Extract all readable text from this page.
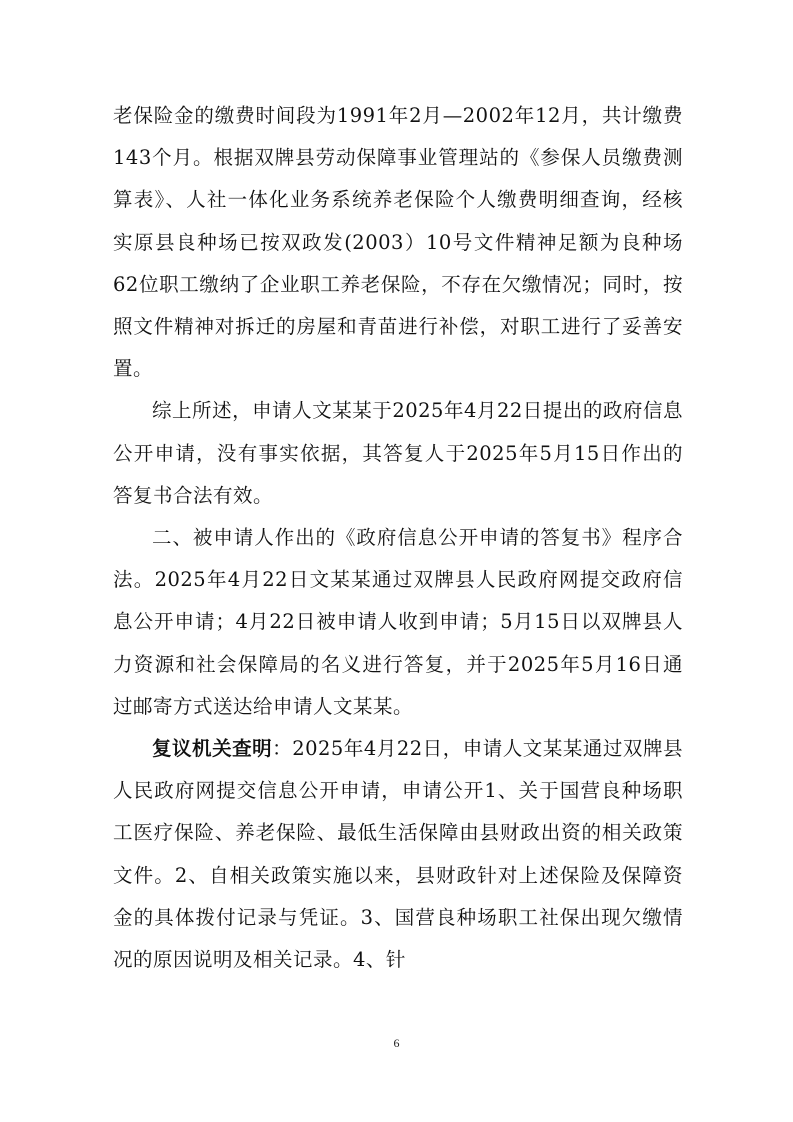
老保险金的缴费时间段为1991年2月—2002年12月，共计缴费143个月。根据双牌县劳动保障事业管理站的《参保人员缴费测算表》、人社一体化业务系统养老保险个人缴费明细查询，经核实原县良种场已按双政发(2003）10号文件精神足额为良种场62位职工缴纳了企业职工养老保险，不存在欠缴情况；同时，按照文件精神对拆迁的房屋和青苗进行补偿，对职工进行了妥善安置。

综上所述，申请人文某某于2025年4月22日提出的政府信息公开申请，没有事实依据，其答复人于2025年5月15日作出的答复书合法有效。

二、被申请人作出的《政府信息公开申请的答复书》程序合法。2025年4月22日文某某通过双牌县人民政府网提交政府信息公开申请；4月22日被申请人收到申请；5月15日以双牌县人力资源和社会保障局的名义进行答复，并于2025年5月16日通过邮寄方式送达给申请人文某某。

复议机关查明：2025年4月22日，申请人文某某通过双牌县人民政府网提交信息公开申请，申请公开1、关于国营良种场职工医疗保险、养老保险、最低生活保障由县财政出资的相关政策文件。2、自相关政策实施以来，县财政针对上述保险及保障资金的具体拨付记录与凭证。3、国营良种场职工社保出现欠缴情况的原因说明及相关记录。4、针

6
